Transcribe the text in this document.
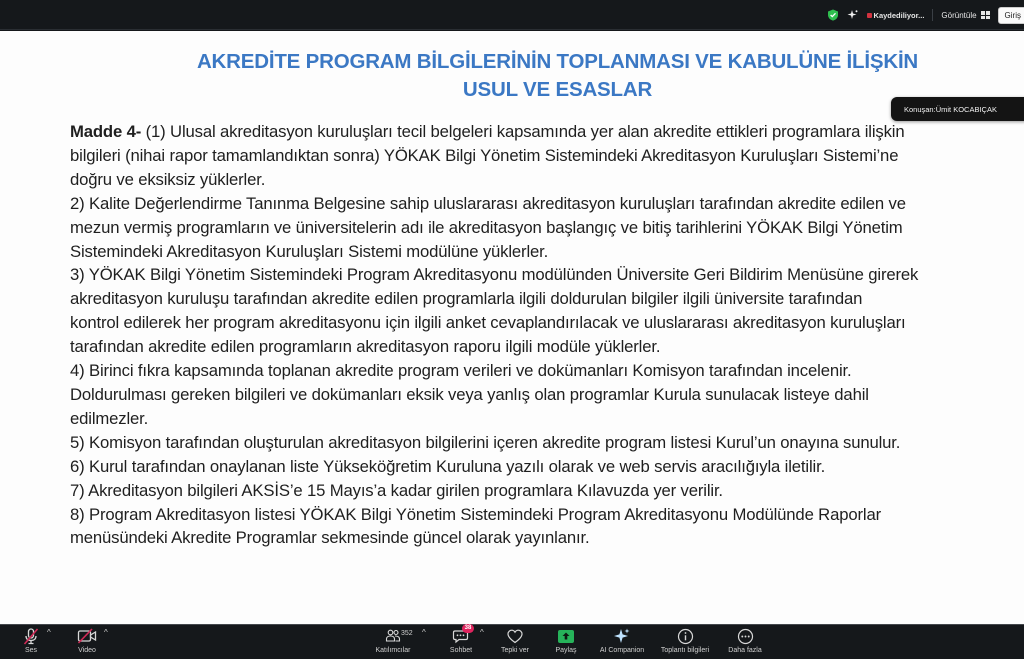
Kaydediliyor... Görüntüle	Giriş
AKREDİTE PROGRAM BİLGİLERİNİN TOPLANMASI VE KABULÜNE İLİŞKİN
USUL VE ESASLAR
Madde 4- (1) Ulusal akreditasyon kuruluşları tecil belgeleri kapsamında yer alan akredite ettikleri programlara ilişkin
bilgileri (nihai rapor tamamlandıktan sonra) YÖKAK Bilgi Yönetim Sistemindeki Akreditasyon Kuruluşları Sistemi’ne
doğru ve eksiksiz yüklerler.
2) Kalite Değerlendirme Tanınma Belgesine sahip uluslararası akreditasyon kuruluşları tarafından akredite edilen ve
mezun vermiş programların ve üniversitelerin adı ile akreditasyon başlangıç ve bitiş tarihlerini YÖKAK Bilgi Yönetim
Sistemindeki Akreditasyon Kuruluşları Sistemi modülüne yüklerler.
3) YÖKAK Bilgi Yönetim Sistemindeki Program Akreditasyonu modülünden Üniversite Geri Bildirim Menüsüne girerek
akreditasyon kuruluşu tarafından akredite edilen programlarla ilgili doldurulan bilgiler ilgili üniversite tarafından
kontrol edilerek her program akreditasyonu için ilgili anket cevaplandırılacak ve uluslararası akreditasyon kuruluşları
tarafından akredite edilen programların akreditasyon raporu ilgili modüle yüklerler.
4) Birinci fıkra kapsamında toplanan akredite program verileri ve dokümanları Komisyon tarafından incelenir.
Doldurulması gereken bilgileri ve dokümanları eksik veya yanlış olan programlar Kurula sunulacak listeye dahil
edilmezler.
5) Komisyon tarafından oluşturulan akreditasyon bilgilerini içeren akredite program listesi Kurul’un onayına sunulur.
6) Kurul tarafından onaylanan liste Yükseköğretim Kuruluna yazılı olarak ve web servis aracılığıyla iletilir.
7) Akreditasyon bilgileri AKSİS’e 15 Mayıs’a kadar girilen programlara Kılavuzda yer verilir.
8) Program Akreditasyon listesi YÖKAK Bilgi Yönetim Sistemindeki Program Akreditasyonu Modülünde Raporlar
menüsündeki Akredite Programlar sekmesinde güncel olarak yayınlanır.
Konuşan:Ümit KOCABIÇAK
Ses
^
Video
^
Katılımcılar
352 ^	38
Sohbet
^
Tepki ver	Paylaş	AI Companion Toplantı bilgileri	Daha fazla
